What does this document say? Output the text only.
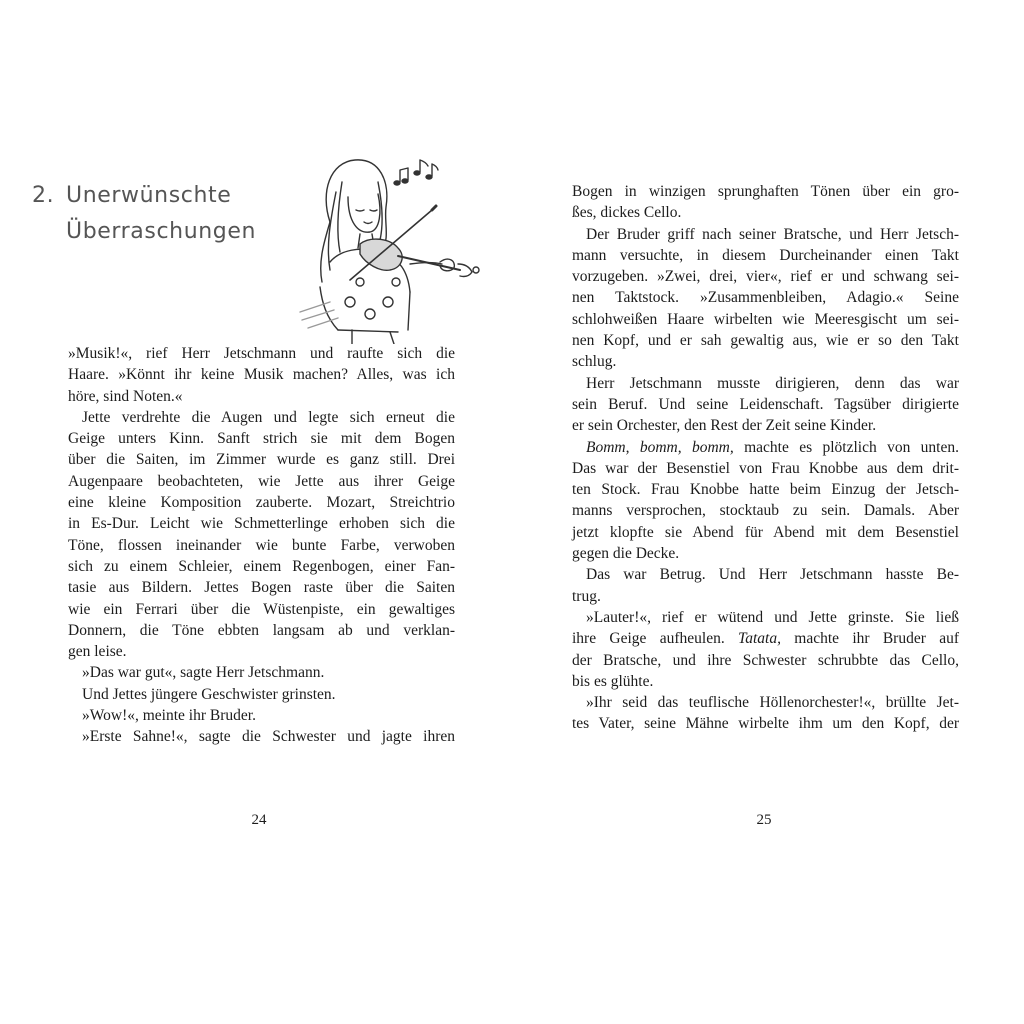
2. Unerwünschte
Überraschungen
»Musik!«, rief Herr Jetschmann und raufte sich die
Haare. »Könnt ihr keine Musik machen? Alles, was ich
höre, sind Noten.«
Jette verdrehte die Augen und legte sich erneut die
Geige unters Kinn. Sanft strich sie mit dem Bogen
über die Saiten, im Zimmer wurde es ganz still. Drei
Augenpaare beobachteten, wie Jette aus ihrer Geige
eine kleine Komposition zauberte. Mozart, Streichtrio
in Es-Dur. Leicht wie Schmetterlinge erhoben sich die
Töne, flossen ineinander wie bunte Farbe, verwoben
sich zu einem Schleier, einem Regenbogen, einer Fan-
tasie aus Bildern. Jettes Bogen raste über die Saiten
wie ein Ferrari über die Wüstenpiste, ein gewaltiges
Donnern, die Töne ebbten langsam ab und verklan-
gen leise.
»Das war gut«, sagte Herr Jetschmann.
Und Jettes jüngere Geschwister grinsten.
»Wow!«, meinte ihr Bruder.
»Erste Sahne!«, sagte die Schwester und jagte ihren
24
Bogen in winzigen sprunghaften Tönen über ein gro-
ßes, dickes Cello.
Der Bruder griff nach seiner Bratsche, und Herr Jetsch-
mann versuchte, in diesem Durcheinander einen Takt
vorzugeben. »Zwei, drei, vier«, rief er und schwang sei-
nen Taktstock. »Zusammenbleiben, Adagio.« Seine
schlohweißen Haare wirbelten wie Meeresgischt um sei-
nen Kopf, und er sah gewaltig aus, wie er so den Takt
schlug.
Herr Jetschmann musste dirigieren, denn das war
sein Beruf. Und seine Leidenschaft. Tagsüber dirigierte
er sein Orchester, den Rest der Zeit seine Kinder.
Bomm, bomm, bomm, machte es plötzlich von unten.
Das war der Besenstiel von Frau Knobbe aus dem drit-
ten Stock. Frau Knobbe hatte beim Einzug der Jetsch-
manns versprochen, stocktaub zu sein. Damals. Aber
jetzt klopfte sie Abend für Abend mit dem Besenstiel
gegen die Decke.
Das war Betrug. Und Herr Jetschmann hasste Be-
trug.
»Lauter!«, rief er wütend und Jette grinste. Sie ließ
ihre Geige aufheulen. Tatata, machte ihr Bruder auf
der Bratsche, und ihre Schwester schrubbte das Cello,
bis es glühte.
»Ihr seid das teuflische Höllenorchester!«, brüllte Jet-
tes Vater, seine Mähne wirbelte ihm um den Kopf, der
25
